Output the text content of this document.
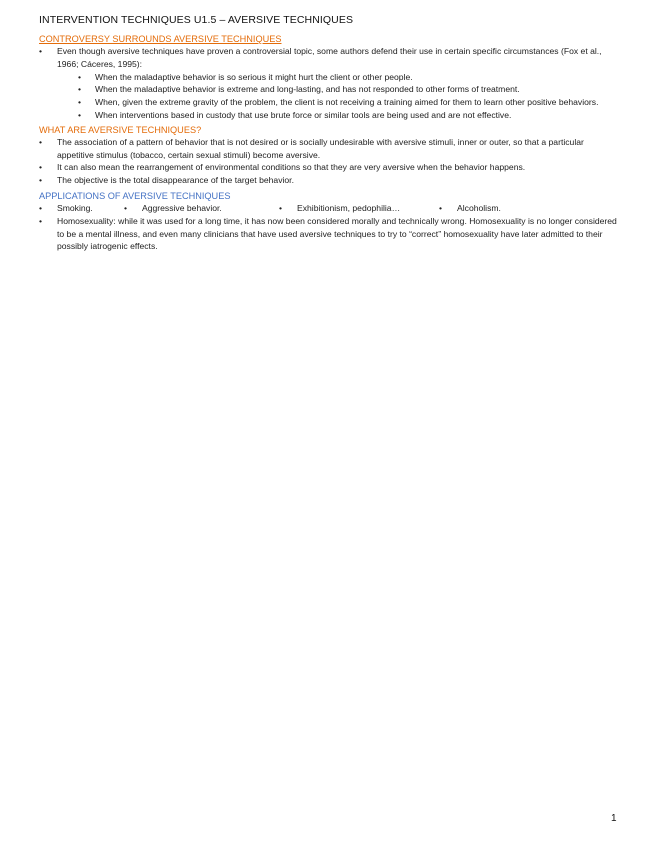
INTERVENTION TECHNIQUES U1.5 – AVERSIVE TECHNIQUES
CONTROVERSY SURROUNDS AVERSIVE TECHNIQUES
• Even though aversive techniques have proven a controversial topic, some authors defend their use in certain specific circumstances (Fox et al., 1966; Cáceres, 1995):
• When the maladaptive behavior is so serious it might hurt the client or other people.
• When the maladaptive behavior is extreme and long-lasting, and has not responded to other forms of treatment.
• When, given the extreme gravity of the problem, the client is not receiving a training aimed for them to learn other positive behaviors.
• When interventions based in custody that use brute force or similar tools are being used and are not effective.
WHAT ARE AVERSIVE TECHNIQUES?
• The association of a pattern of behavior that is not desired or is socially undesirable with aversive stimuli, inner or outer, so that a particular appetitive stimulus (tobacco, certain sexual stimuli) become aversive.
• It can also mean the rearrangement of environmental conditions so that they are very aversive when the behavior happens.
• The objective is the total disappearance of the target behavior.
APPLICATIONS OF AVERSIVE TECHNIQUES
• Smoking.	• Aggressive behavior.	• Exhibitionism, pedophilia…	• Alcoholism.
• Homosexuality: while it was used for a long time, it has now been considered morally and technically wrong. Homosexuality is no longer considered to be a mental illness, and even many clinicians that have used aversive techniques to try to “correct” homosexuality have later admitted to their possibly iatrogenic effects.
1
